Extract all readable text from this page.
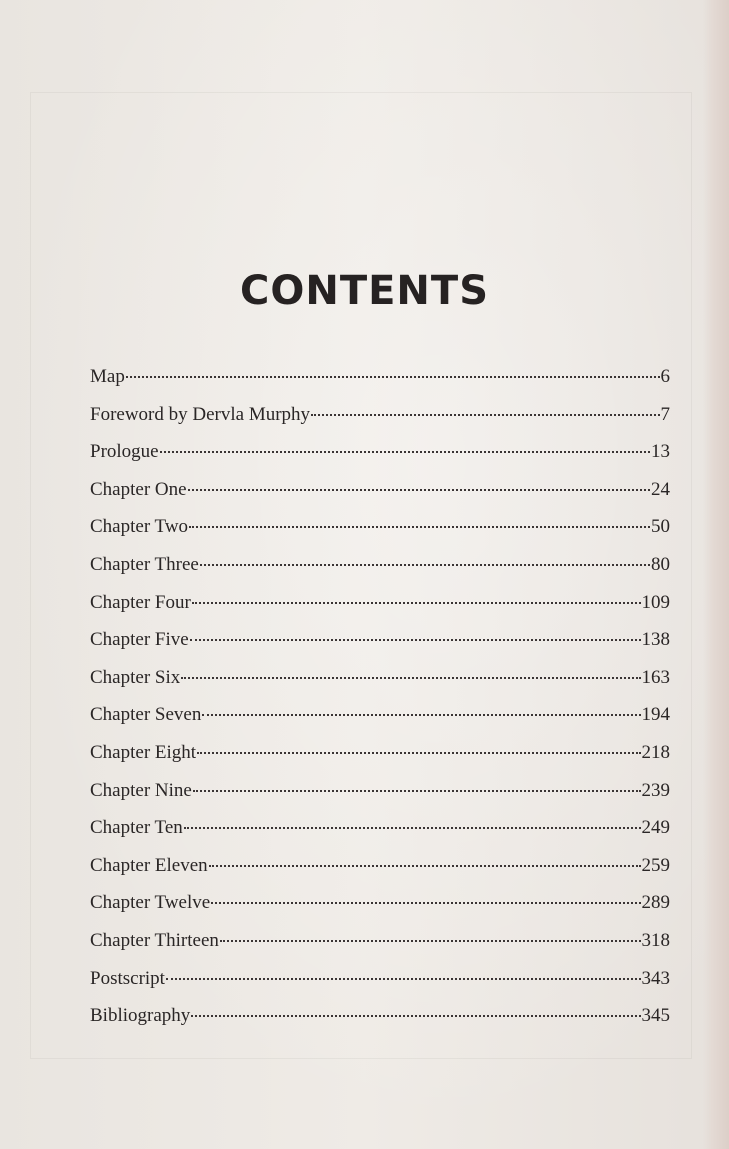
CONTENTS
Map	6
Foreword by Dervla Murphy	7
Prologue	13
Chapter One	24
Chapter Two	50
Chapter Three	80
Chapter Four	109
Chapter Five	138
Chapter Six	163
Chapter Seven	194
Chapter Eight	218
Chapter Nine	239
Chapter Ten	249
Chapter Eleven	259
Chapter Twelve	289
Chapter Thirteen	318
Postscript	343
Bibliography	345
